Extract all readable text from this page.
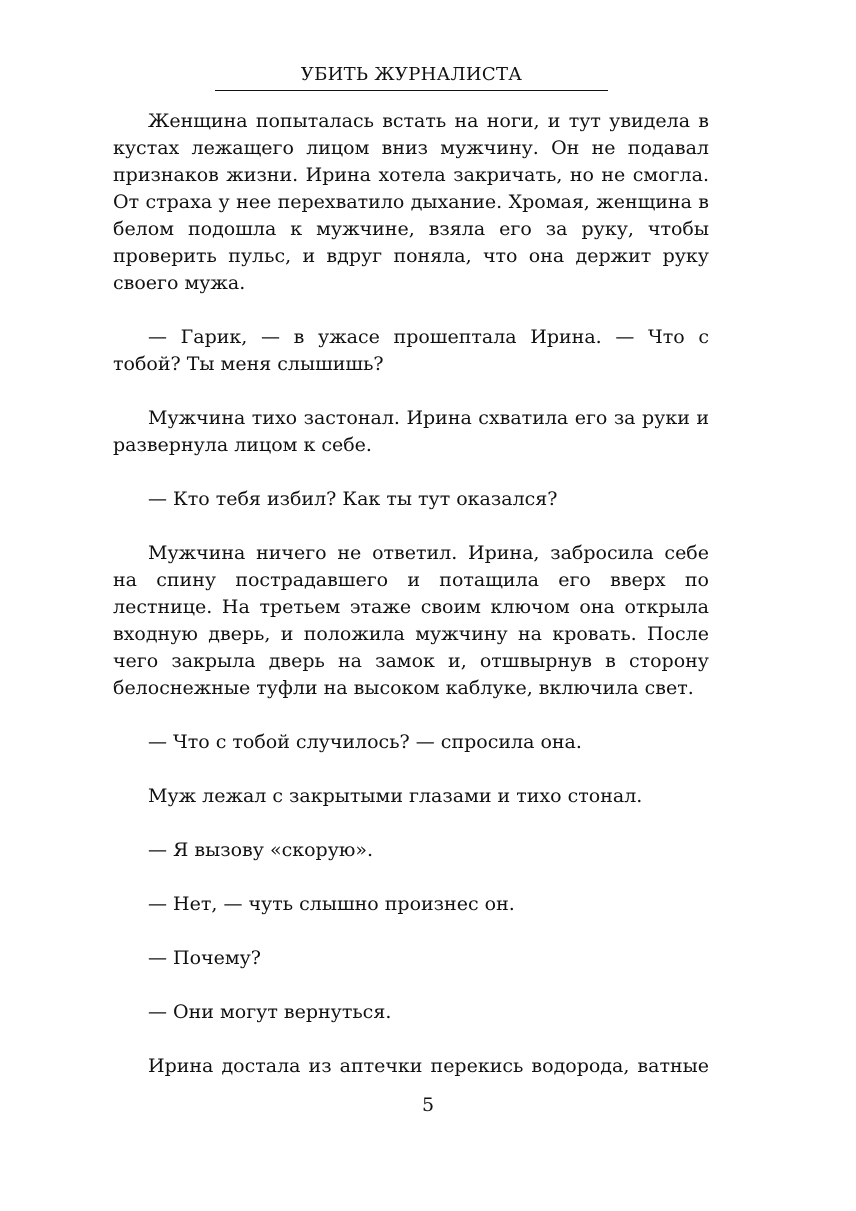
УБИТЬ ЖУРНАЛИСТА

Женщина попыталась встать на ноги, и тут увидела в кустах лежащего лицом вниз мужчину. Он не подавал признаков жизни. Ирина хотела закричать, но не смогла. От страха у нее перехватило дыхание. Хромая, женщина в белом подошла к мужчине, взяла его за руку, чтобы проверить пульс, и вдруг поняла, что она держит руку своего мужа.

— Гарик, — в ужасе прошептала Ирина. — Что с тобой? Ты меня слышишь?

Мужчина тихо застонал. Ирина схватила его за руки и развернула лицом к себе.

— Кто тебя избил? Как ты тут оказался?

Мужчина ничего не ответил. Ирина, забросила себе на спину пострадавшего и потащила его вверх по лестнице. На третьем этаже своим ключом она открыла входную дверь, и положила мужчину на кровать. После чего закрыла дверь на замок и, отшвырнув в сторону белоснежные туфли на высоком каблуке, включила свет.

— Что с тобой случилось? — спросила она.

Муж лежал с закрытыми глазами и тихо стонал.

— Я вызову «скорую».

— Нет, — чуть слышно произнес он.

— Почему?

— Они могут вернуться.

Ирина достала из аптечки перекись водорода, ватные

5
